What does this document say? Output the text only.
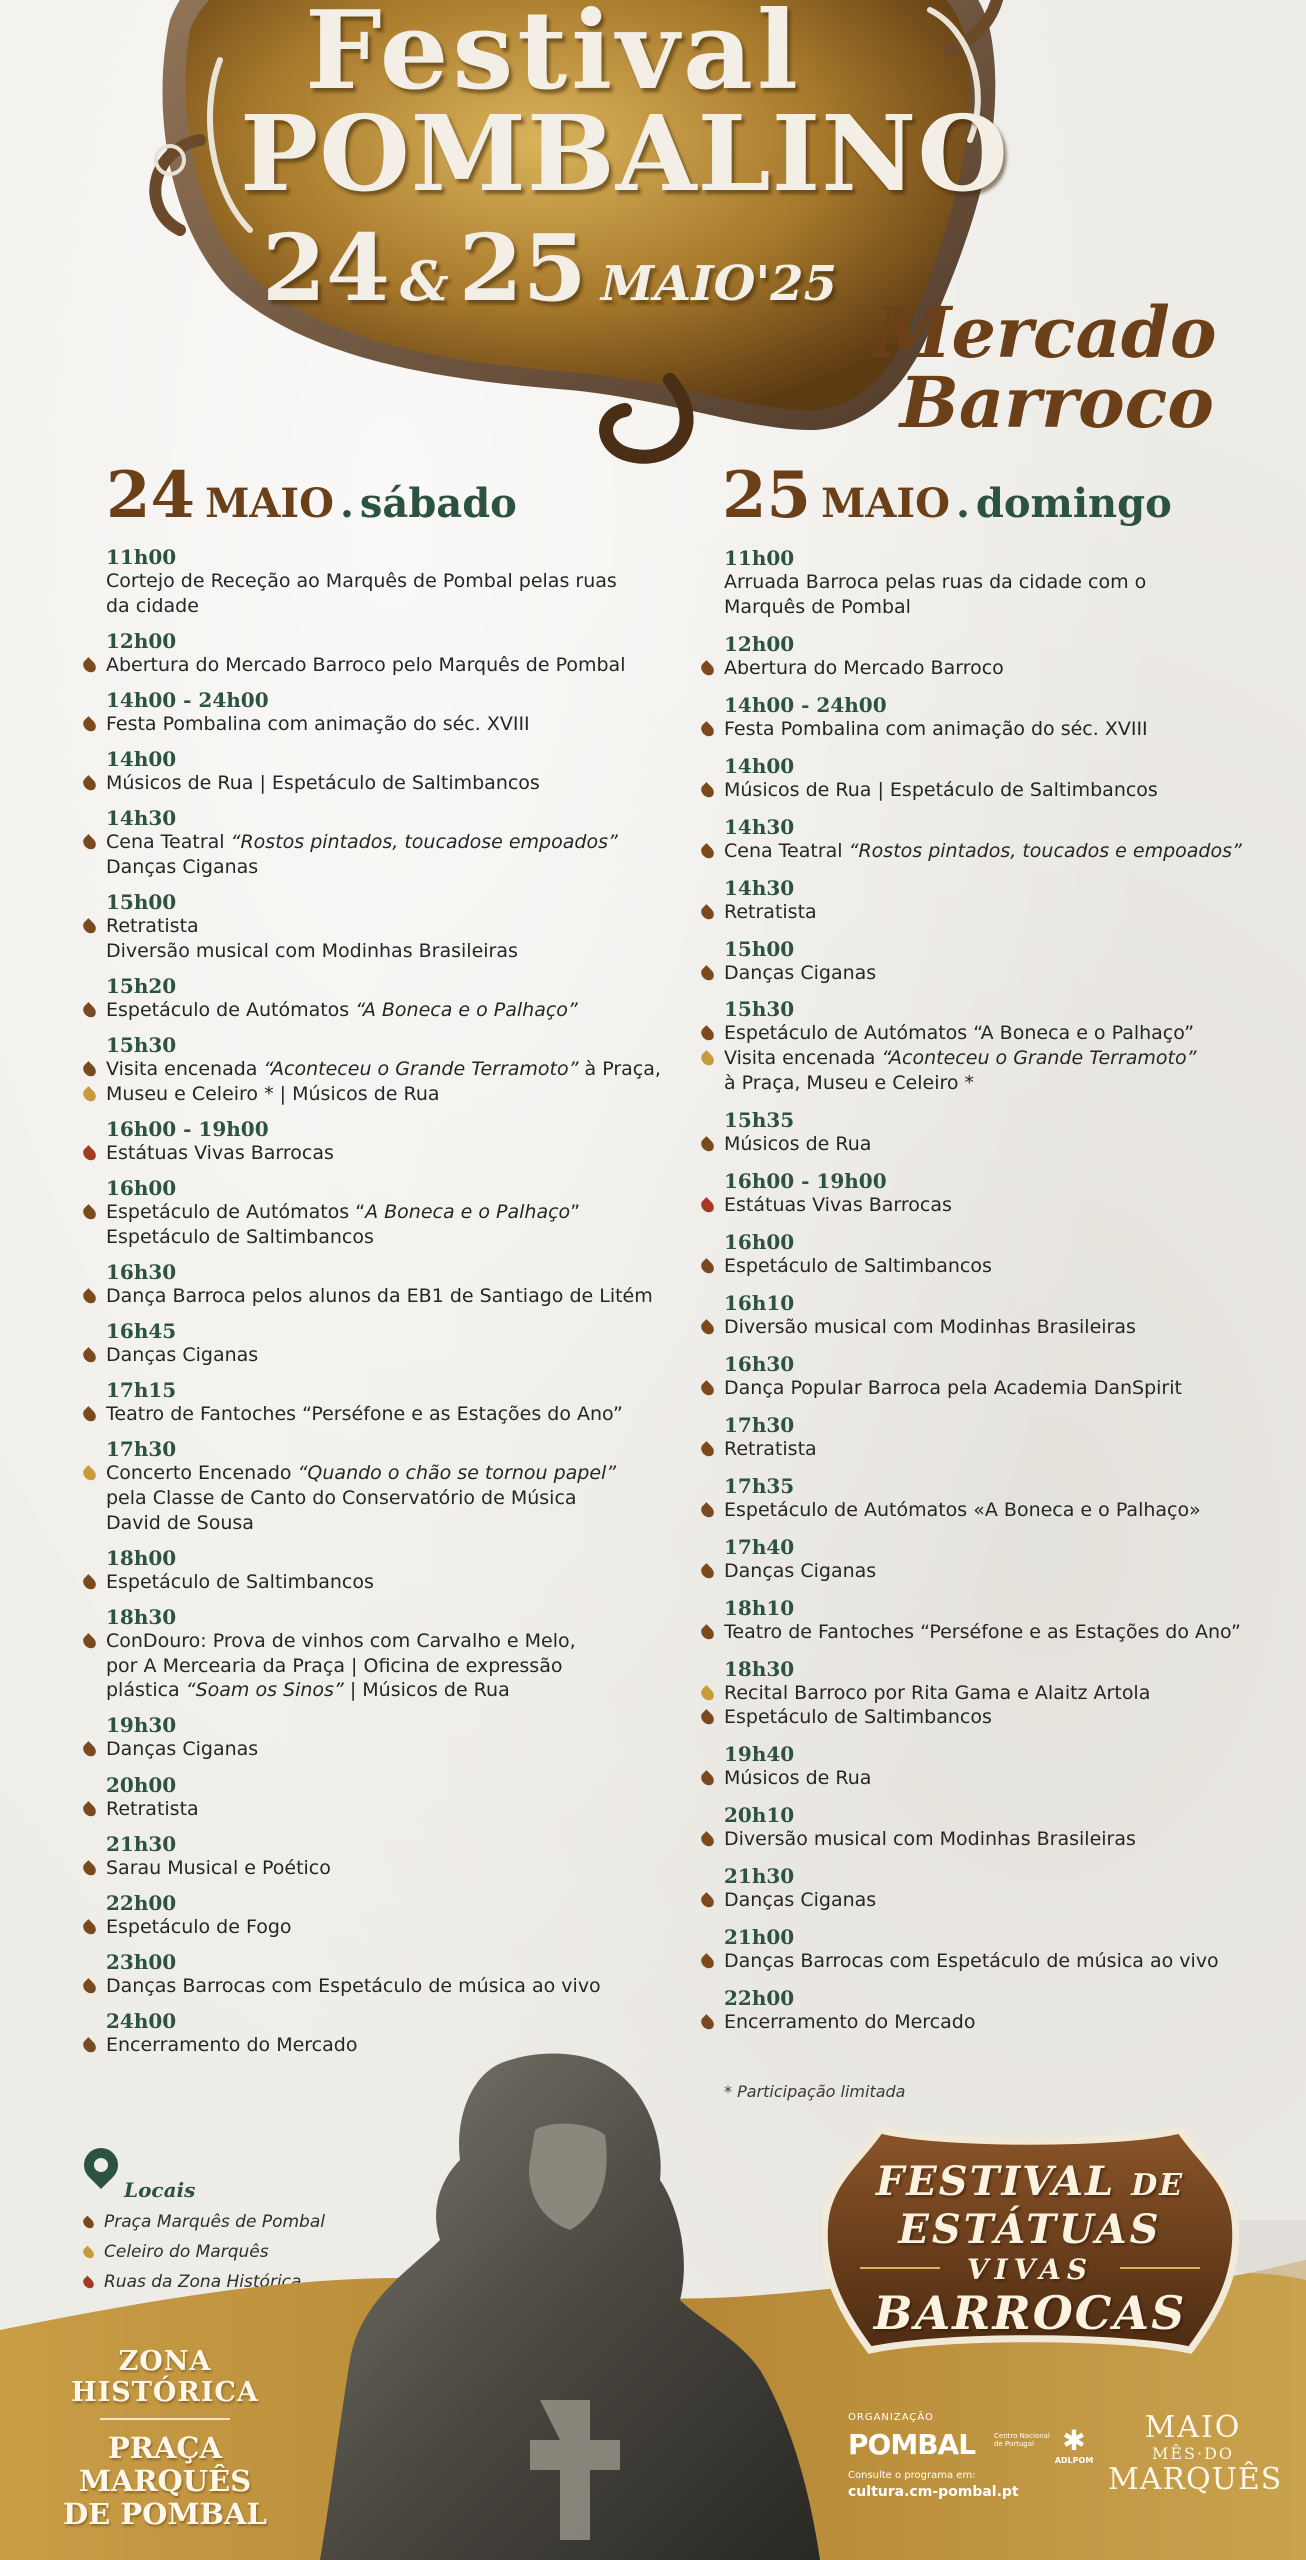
Festival
POMBALINO
24 & 25 MAIO'25
Mercado
Barroco
24 MAIO . sábado	25 MAIO . domingo
11h00
Cortejo de Receção ao Marquês de Pombal pelas ruas
da cidade
12h00
Abertura do Mercado Barroco pelo Marquês de Pombal
14h00 - 24h00
Festa Pombalina com animação do séc. XVIII
14h00
Músicos de Rua | Espetáculo de Saltimbancos
14h30
Cena Teatral “Rostos pintados, toucadose empoados”
Danças Ciganas
15h00
Retratista
Diversão musical com Modinhas Brasileiras
15h20
Espetáculo de Autómatos “A Boneca e o Palhaço”
15h30
Visita encenada “Aconteceu o Grande Terramoto” à Praça,
Museu e Celeiro * | Músicos de Rua
16h00 - 19h00
Estátuas Vivas Barrocas
16h00
Espetáculo de Autómatos “A Boneca e o Palhaço”
Espetáculo de Saltimbancos
16h30
Dança Barroca pelos alunos da EB1 de Santiago de Litém
16h45
Danças Ciganas
17h15
Teatro de Fantoches “Perséfone e as Estações do Ano”
17h30
Concerto Encenado “Quando o chão se tornou papel”
pela Classe de Canto do Conservatório de Música
David de Sousa
18h00
Espetáculo de Saltimbancos
18h30
ConDouro: Prova de vinhos com Carvalho e Melo,
por A Mercearia da Praça | Oficina de expressão
plástica “Soam os Sinos” | Músicos de Rua
19h30
Danças Ciganas
20h00
Retratista
21h30
Sarau Musical e Poético
22h00
Espetáculo de Fogo
23h00
Danças Barrocas com Espetáculo de música ao vivo
24h00
Encerramento do Mercado
11h00
Arruada Barroca pelas ruas da cidade com o
Marquês de Pombal
12h00
Abertura do Mercado Barroco
14h00 - 24h00
Festa Pombalina com animação do séc. XVIII
14h00
Músicos de Rua | Espetáculo de Saltimbancos
14h30
Cena Teatral “Rostos pintados, toucados e empoados”
14h30
Retratista
15h00
Danças Ciganas
15h30
Espetáculo de Autómatos “A Boneca e o Palhaço”
Visita encenada “Aconteceu o Grande Terramoto”
à Praça, Museu e Celeiro *
15h35
Músicos de Rua
16h00 - 19h00
Estátuas Vivas Barrocas
16h00
Espetáculo de Saltimbancos
16h10
Diversão musical com Modinhas Brasileiras
16h30
Dança Popular Barroca pela Academia DanSpirit
17h30
Retratista
17h35
Espetáculo de Autómatos «A Boneca e o Palhaço»
17h40
Danças Ciganas
18h10
Teatro de Fantoches “Perséfone e as Estações do Ano”
18h30
Recital Barroco por Rita Gama e Alaitz Artola
Espetáculo de Saltimbancos
19h40
Músicos de Rua
20h10
Diversão musical com Modinhas Brasileiras
21h30
Danças Ciganas
21h00
Danças Barrocas com Espetáculo de música ao vivo
22h00
Encerramento do Mercado
* Participação limitada
Locais
Praça Marquês de Pombal
Celeiro do Marquês
Ruas da Zona Histórica
ZONA HISTÓRICA
PRAÇA MARQUÊS
DE POMBAL
FESTIVAL DE
ESTÁTUAS
VIVAS
BARROCAS
ORGANIZAÇÃO
POMBAL	Centro Nacional de Portugal	✱
ADLPOM
Consulte o programa em:
cultura.cm-pombal.pt
MAIO
MÊS·DO
MARQUÊS
